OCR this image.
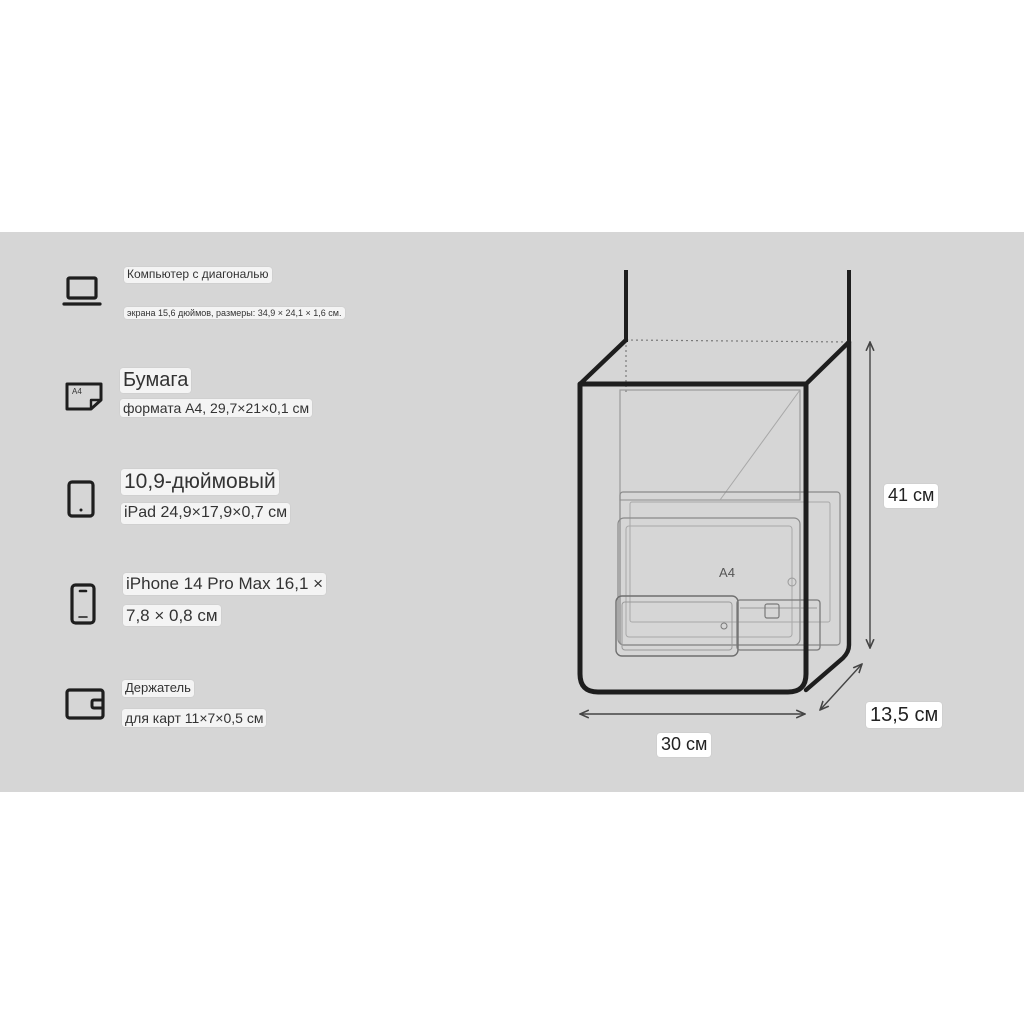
Компьютер с диагональю
экрана 15,6 дюймов, размеры: 34,9 × 24,1 × 1,6 см.
A4
Бумага
формата A4, 29,7×21×0,1 см
10,9-дюймовый
iPad 24,9×17,9×0,7 см
iPhone 14 Pro Max 16,1 ×
7,8 × 0,8 см
Держатель
для карт 11×7×0,5 см
A4
41 см
13,5 см
30 см
